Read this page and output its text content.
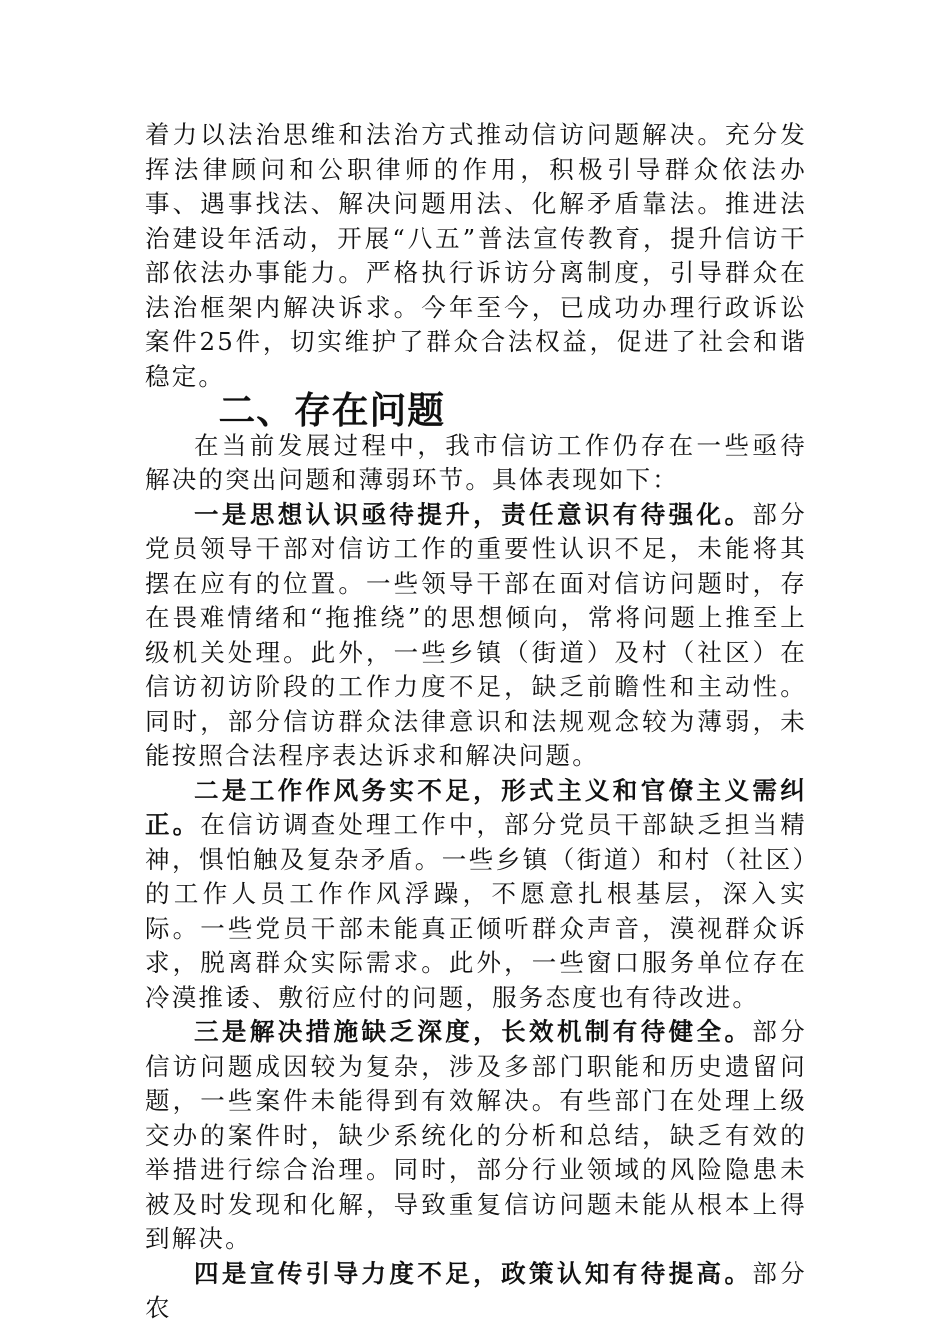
着力以法治思维和法治方式推动信访问题解决。充分发挥法律顾问和公职律师的作用，积极引导群众依法办事、遇事找法、解决问题用法、化解矛盾靠法。推进法治建设年活动，开展“八五”普法宣传教育，提升信访干部依法办事能力。严格执行诉访分离制度，引导群众在法治框架内解决诉求。今年至今，已成功办理行政诉讼案件25件，切实维护了群众合法权益，促进了社会和谐稳定。

二、存在问题

在当前发展过程中，我市信访工作仍存在一些亟待解决的突出问题和薄弱环节。具体表现如下：

一是思想认识亟待提升，责任意识有待强化。部分党员领导干部对信访工作的重要性认识不足，未能将其摆在应有的位置。一些领导干部在面对信访问题时，存在畏难情绪和“拖推绕”的思想倾向，常将问题上推至上级机关处理。此外，一些乡镇（街道）及村（社区）在信访初访阶段的工作力度不足，缺乏前瞻性和主动性。同时，部分信访群众法律意识和法规观念较为薄弱，未能按照合法程序表达诉求和解决问题。

二是工作作风务实不足，形式主义和官僚主义需纠正。在信访调查处理工作中，部分党员干部缺乏担当精神，惧怕触及复杂矛盾。一些乡镇（街道）和村（社区）的工作人员工作作风浮躁，不愿意扎根基层，深入实际。一些党员干部未能真正倾听群众声音，漠视群众诉求，脱离群众实际需求。此外，一些窗口服务单位存在冷漠推诿、敷衍应付的问题，服务态度也有待改进。

三是解决措施缺乏深度，长效机制有待健全。部分信访问题成因较为复杂，涉及多部门职能和历史遗留问题，一些案件未能得到有效解决。有些部门在处理上级交办的案件时，缺少系统化的分析和总结，缺乏有效的举措进行综合治理。同时，部分行业领域的风险隐患未被及时发现和化解，导致重复信访问题未能从根本上得到解决。

四是宣传引导力度不足，政策认知有待提高。部分农
